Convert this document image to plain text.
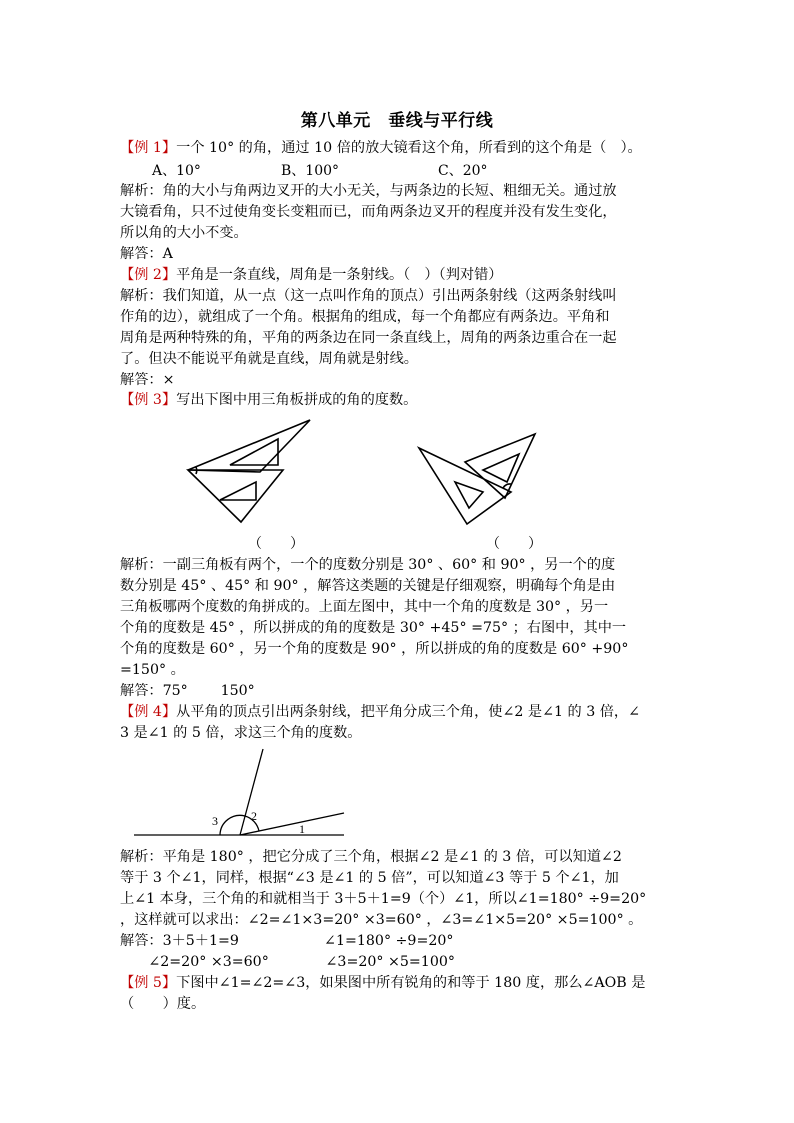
第八单元　垂线与平行线
【例 1】一个 10° 的角，通过 10 倍的放大镜看这个角，所看到的这个角是（　）。
A、10°	B、100°	C、20°
解析：角的大小与角两边叉开的大小无关，与两条边的长短、粗细无关。通过放
大镜看角，只不过使角变长变粗而已，而角两条边叉开的程度并没有发生变化，
所以角的大小不变。
解答：A
【例 2】平角是一条直线，周角是一条射线。（　）（判对错）
解析：我们知道，从一点（这一点叫作角的顶点）引出两条射线（这两条射线叫
作角的边），就组成了一个角。根据角的组成，每一个角都应有两条边。平角和
周角是两种特殊的角，平角的两条边在同一条直线上，周角的两条边重合在一起
了。但决不能说平角就是直线，周角就是射线。
解答：×
【例 3】写出下图中用三角板拼成的角的度数。
（　　）	（　　）
解析：一副三角板有两个，一个的度数分别是 30° 、60° 和 90° ，另一个的度
数分别是 45° 、45° 和 90° ，解答这类题的关键是仔细观察，明确每个角是由
三角板哪两个度数的角拼成的。上面左图中，其中一个角的度数是 30° ，另一
个角的度数是 45° ，所以拼成的角的度数是 30° +45° =75° ；右图中，其中一
个角的度数是 60° ，另一个角的度数是 90° ，所以拼成的角的度数是 60° +90°
=150° 。
解答：75°　　 150°
【例 4】从平角的顶点引出两条射线，把平角分成三个角，使∠2 是∠1 的 3 倍，∠
3 是∠1 的 5 倍，求这三个角的度数。
3	2
1
解析：平角是 180° ，把它分成了三个角，根据∠2 是∠1 的 3 倍，可以知道∠2
等于 3 个∠1，同样，根据“∠3 是∠1 的 5 倍”，可以知道∠3 等于 5 个∠1，加
上∠1 本身，三个角的和就相当于 3＋5＋1=9（个）∠1，所以∠1=180° ÷9=20°
，这样就可以求出：∠2=∠1×3=20° ×3=60° ，∠3=∠1×5=20° ×5=100° 。
解答：3＋5＋1=9　　　　　　∠1=180° ÷9=20°
　　∠2=20° ×3=60°　　　　∠3=20° ×5=100°
【例 5】下图中∠1=∠2=∠3，如果图中所有锐角的和等于 180 度，那么∠AOB 是
（　　）度。
